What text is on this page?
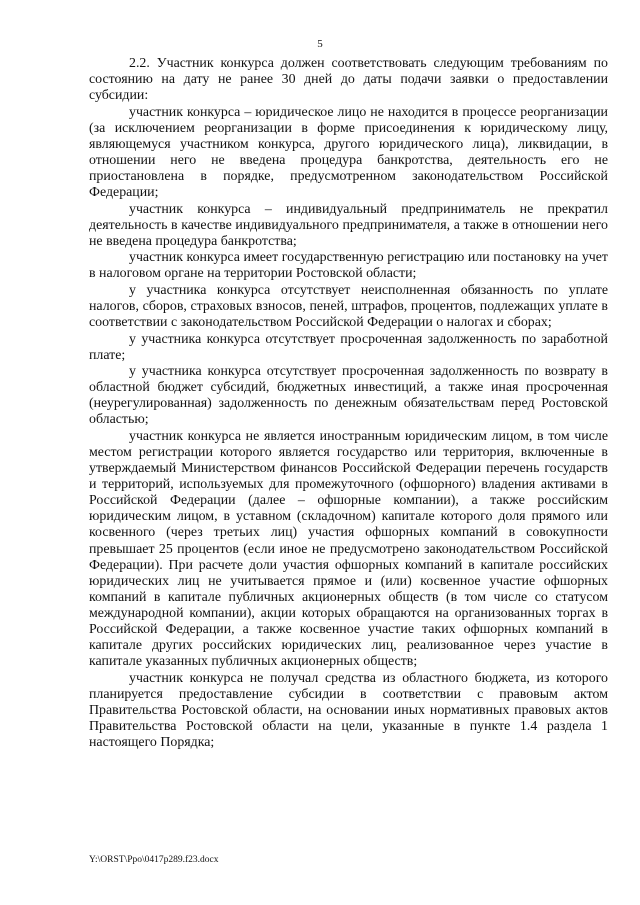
5

2.2. Участник конкурса должен соответствовать следующим требованиям по состоянию на дату не ранее 30 дней до даты подачи заявки о предоставлении субсидии:

участник конкурса – юридическое лицо не находится в процессе реорганизации (за исключением реорганизации в форме присоединения к юридическому лицу, являющемуся участником конкурса, другого юридического лица), ликвидации, в отношении него не введена процедура банкротства, деятельность его не приостановлена в порядке, предусмотренном законодательством Российской Федерации;

участник конкурса – индивидуальный предприниматель не прекратил деятельность в качестве индивидуального предпринимателя, а также в отношении него не введена процедура банкротства;

участник конкурса имеет государственную регистрацию или постановку на учет в налоговом органе на территории Ростовской области;

у участника конкурса отсутствует неисполненная обязанность по уплате налогов, сборов, страховых взносов, пеней, штрафов, процентов, подлежащих уплате в соответствии с законодательством Российской Федерации о налогах и сборах;

у участника конкурса отсутствует просроченная задолженность по заработной плате;

у участника конкурса отсутствует просроченная задолженность по возврату в областной бюджет субсидий, бюджетных инвестиций, а также иная просроченная (неурегулированная) задолженность по денежным обязательствам перед Ростовской областью;

участник конкурса не является иностранным юридическим лицом, в том числе местом регистрации которого является государство или территория, включенные в утверждаемый Министерством финансов Российской Федерации перечень государств и территорий, используемых для промежуточного (офшорного) владения активами в Российской Федерации (далее – офшорные компании), а также российским юридическим лицом, в уставном (складочном) капитале которого доля прямого или косвенного (через третьих лиц) участия офшорных компаний в совокупности превышает 25 процентов (если иное не предусмотрено законодательством Российской Федерации). При расчете доли участия офшорных компаний в капитале российских юридических лиц не учитывается прямое и (или) косвенное участие офшорных компаний в капитале публичных акционерных обществ (в том числе со статусом международной компании), акции которых обращаются на организованных торгах в Российской Федерации, а также косвенное участие таких офшорных компаний в капитале других российских юридических лиц, реализованное через участие в капитале указанных публичных акционерных обществ;

участник конкурса не получал средства из областного бюджета, из которого планируется предоставление субсидии в соответствии с правовым актом Правительства Ростовской области, на основании иных нормативных правовых актов Правительства Ростовской области на цели, указанные в пункте 1.4 раздела 1 настоящего Порядка;

Y:\ORST\Ppo\0417p289.f23.docx
